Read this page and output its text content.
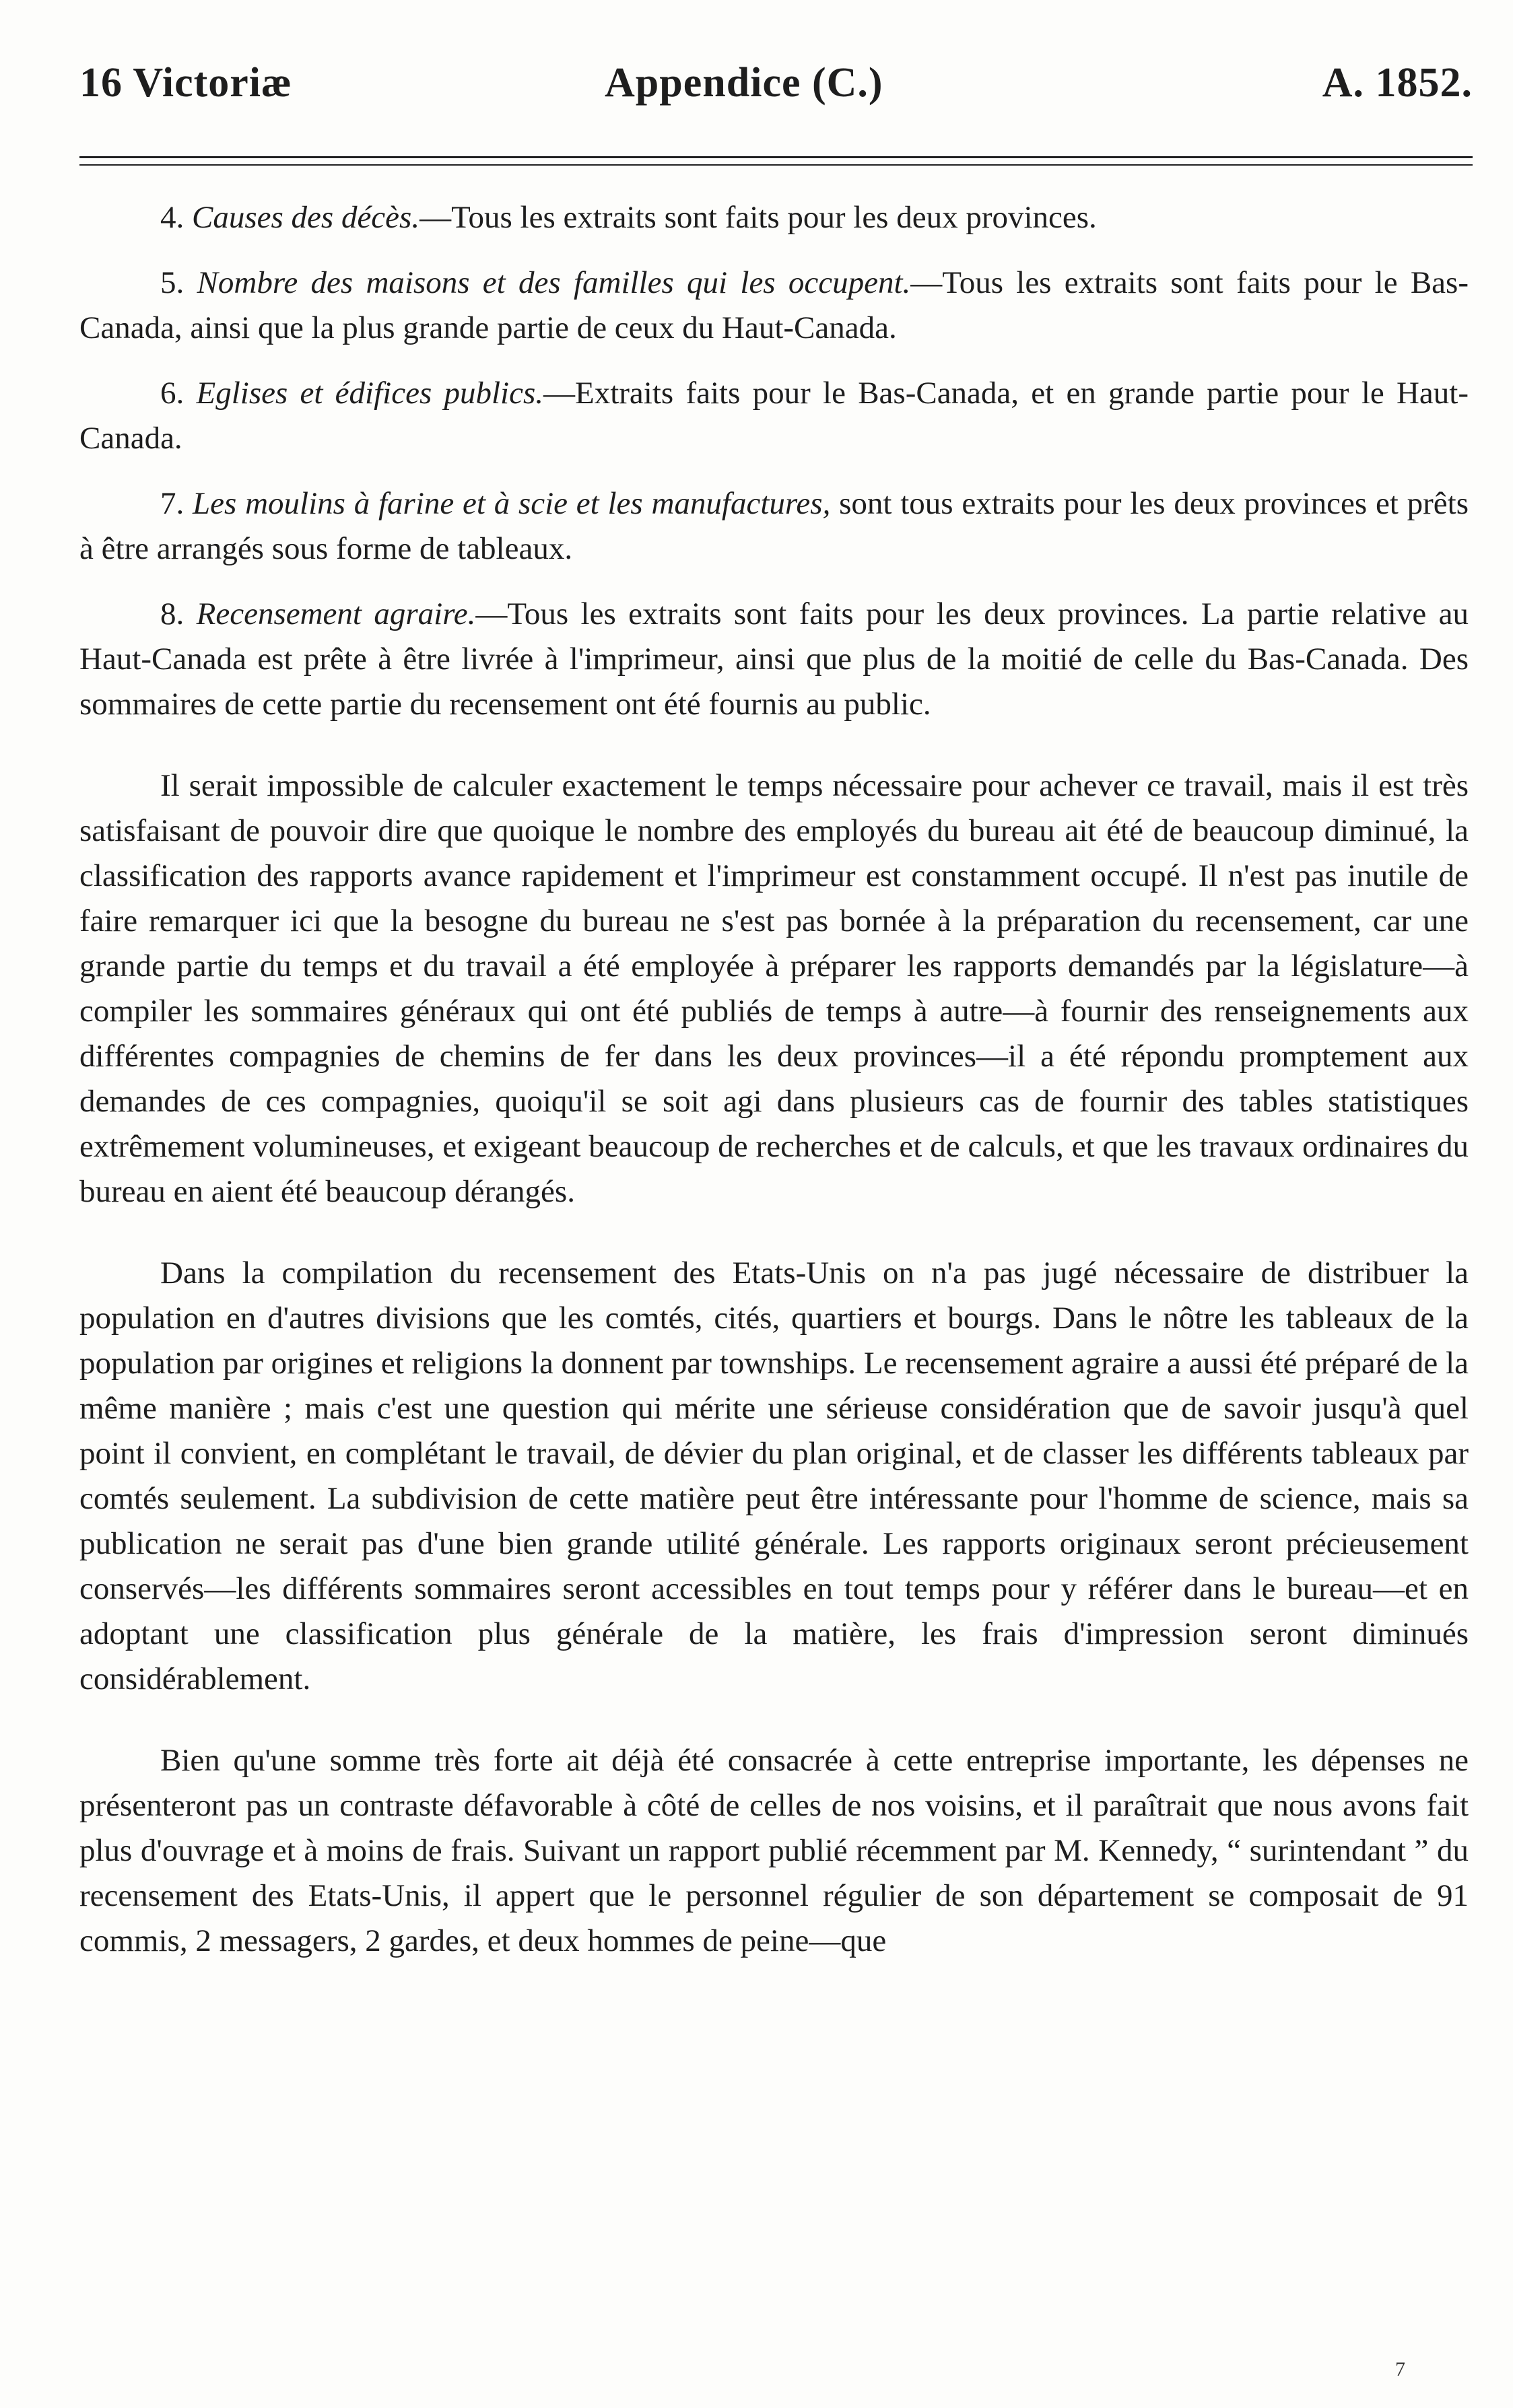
16 Victoriæ	Appendice (C.)	A. 1852.

4. Causes des décès.—Tous les extraits sont faits pour les deux provinces.

5. Nombre des maisons et des familles qui les occupent.—Tous les extraits sont faits pour le Bas-Canada, ainsi que la plus grande partie de ceux du Haut-Canada.

6. Eglises et édifices publics.—Extraits faits pour le Bas-Canada, et en grande partie pour le Haut-Canada.

7. Les moulins à farine et à scie et les manufactures, sont tous extraits pour les deux provinces et prêts à être arrangés sous forme de tableaux.

8. Recensement agraire.—Tous les extraits sont faits pour les deux provinces. La partie relative au Haut-Canada est prête à être livrée à l'imprimeur, ainsi que plus de la moitié de celle du Bas-Canada. Des sommaires de cette partie du recensement ont été fournis au public.

Il serait impossible de calculer exactement le temps nécessaire pour achever ce travail, mais il est très satisfaisant de pouvoir dire que quoique le nombre des employés du bureau ait été de beaucoup diminué, la classification des rapports avance rapidement et l'imprimeur est constamment occupé. Il n'est pas inutile de faire remarquer ici que la besogne du bureau ne s'est pas bornée à la préparation du recensement, car une grande partie du temps et du travail a été employée à préparer les rapports demandés par la législature—à compiler les sommaires généraux qui ont été publiés de temps à autre—à fournir des renseignements aux différentes compagnies de chemins de fer dans les deux provinces—il a été répondu promptement aux demandes de ces compagnies, quoiqu'il se soit agi dans plusieurs cas de fournir des tables statistiques extrêmement volumineuses, et exigeant beaucoup de recherches et de calculs, et que les travaux ordinaires du bureau en aient été beaucoup dérangés.

Dans la compilation du recensement des Etats-Unis on n'a pas jugé nécessaire de distribuer la population en d'autres divisions que les comtés, cités, quartiers et bourgs. Dans le nôtre les tableaux de la population par origines et religions la donnent par townships. Le recensement agraire a aussi été préparé de la même manière ; mais c'est une question qui mérite une sérieuse considération que de savoir jusqu'à quel point il convient, en complétant le travail, de dévier du plan original, et de classer les différents tableaux par comtés seulement. La subdivision de cette matière peut être intéressante pour l'homme de science, mais sa publication ne serait pas d'une bien grande utilité générale. Les rapports originaux seront précieusement conservés—les différents sommaires seront accessibles en tout temps pour y référer dans le bureau—et en adoptant une classification plus générale de la matière, les frais d'impression seront diminués considérablement.

Bien qu'une somme très forte ait déjà été consacrée à cette entreprise importante, les dépenses ne présenteront pas un contraste défavorable à côté de celles de nos voisins, et il paraîtrait que nous avons fait plus d'ouvrage et à moins de frais. Suivant un rapport publié récemment par M. Kennedy, “ surintendant ” du recensement des Etats-Unis, il appert que le personnel régulier de son département se composait de 91 commis, 2 messagers, 2 gardes, et deux hommes de peine—que

7
